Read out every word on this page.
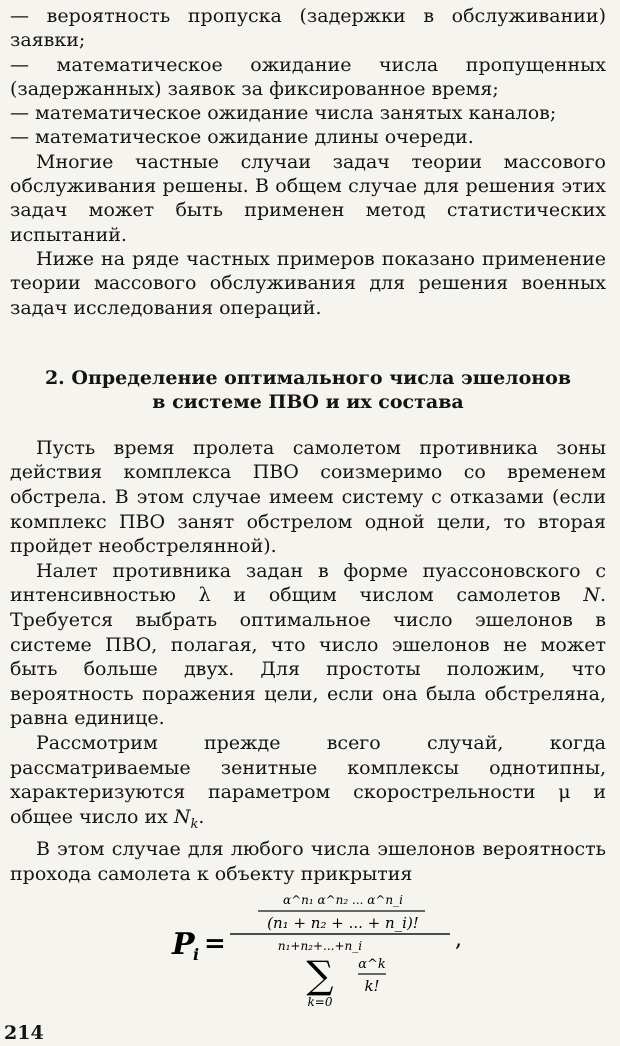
— вероятность пропуска (задержки в обслуживании) заявки;

— математическое ожидание числа пропущенных (задержанных) заявок за фиксированное время;

— математическое ожидание числа занятых каналов;

— математическое ожидание длины очереди.

Многие частные случаи задач теории массового обслуживания решены. В общем случае для решения этих задач может быть применен метод статистических испытаний.

Ниже на ряде частных примеров показано применение теории массового обслуживания для решения военных задач исследования операций.

2. Определение оптимального числа эшелонов
в системе ПВО и их состава

Пусть время пролета самолетом противника зоны действия комплекса ПВО соизмеримо со временем обстрела. В этом случае имеем систему с отказами (если комплекс ПВО занят обстрелом одной цели, то вторая пройдет необстрелянной).

Налет противника задан в форме пуассоновского с интенсивностью λ и общим числом самолетов N. Требуется выбрать оптимальное число эшелонов в системе ПВО, полагая, что число эшелонов не может быть больше двух. Для простоты положим, что вероятность поражения цели, если она была обстреляна, равна единице.

Рассмотрим прежде всего случай, когда рассматриваемые зенитные комплексы однотипны, характеризуются параметром скорострельности μ и общее число их $N_k$.

В этом случае для любого числа эшелонов вероятность прохода самолета к объекту прикрытия

P
i =
α^n₁ α^n₂ ... α^n_i
(n₁ + n₂ + ... + n_i)!
n₁+n₂+...+n_i
∑
k=0
α^k
k!
,
214
